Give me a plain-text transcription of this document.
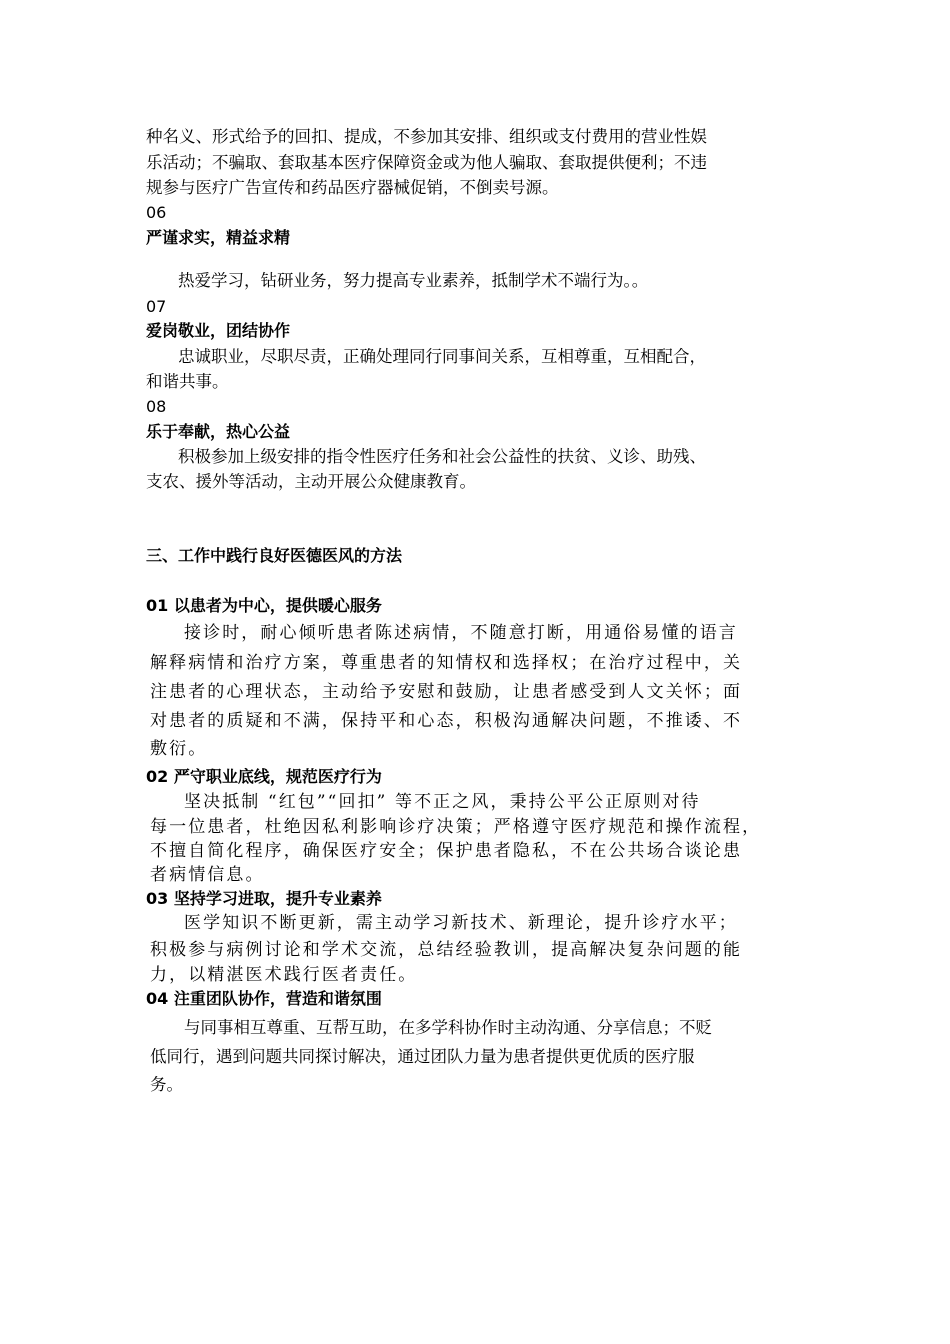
种名义、形式给予的回扣、提成，不参加其安排、组织或支付费用的营业性娱
乐活动；不骗取、套取基本医疗保障资金或为他人骗取、套取提供便利；不违
规参与医疗广告宣传和药品医疗器械促销，不倒卖号源。
06
严谨求实，精益求精
热爱学习，钻研业务，努力提高专业素养，抵制学术不端行为。。
07
爱岗敬业，团结协作
忠诚职业，尽职尽责，正确处理同行同事间关系，互相尊重，互相配合，
和谐共事。
08
乐于奉献，热心公益
积极参加上级安排的指令性医疗任务和社会公益性的扶贫、义诊、助残、
支农、援外等活动，主动开展公众健康教育。
三、工作中践行良好医德医风的方法
01 以患者为中心，提供暖心服务
接诊时，耐心倾听患者陈述病情，不随意打断，用通俗易懂的语言
解释病情和治疗方案，尊重患者的知情权和选择权；在治疗过程中，关
注患者的心理状态，主动给予安慰和鼓励，让患者感受到人文关怀；面
对患者的质疑和不满，保持平和心态，积极沟通解决问题，不推诿、不
敷衍。
02 严守职业底线，规范医疗行为
坚决抵制 “红包”“回扣” 等不正之风，秉持公平公正原则对待
每一位患者，杜绝因私利影响诊疗决策；严格遵守医疗规范和操作流程，
不擅自简化程序，确保医疗安全；保护患者隐私，不在公共场合谈论患
者病情信息。
03 坚持学习进取，提升专业素养
医学知识不断更新，需主动学习新技术、新理论，提升诊疗水平；
积极参与病例讨论和学术交流，总结经验教训，提高解决复杂问题的能
力，以精湛医术践行医者责任。
04 注重团队协作，营造和谐氛围
与同事相互尊重、互帮互助，在多学科协作时主动沟通、分享信息；不贬
低同行，遇到问题共同探讨解决，通过团队力量为患者提供更优质的医疗服
务。
